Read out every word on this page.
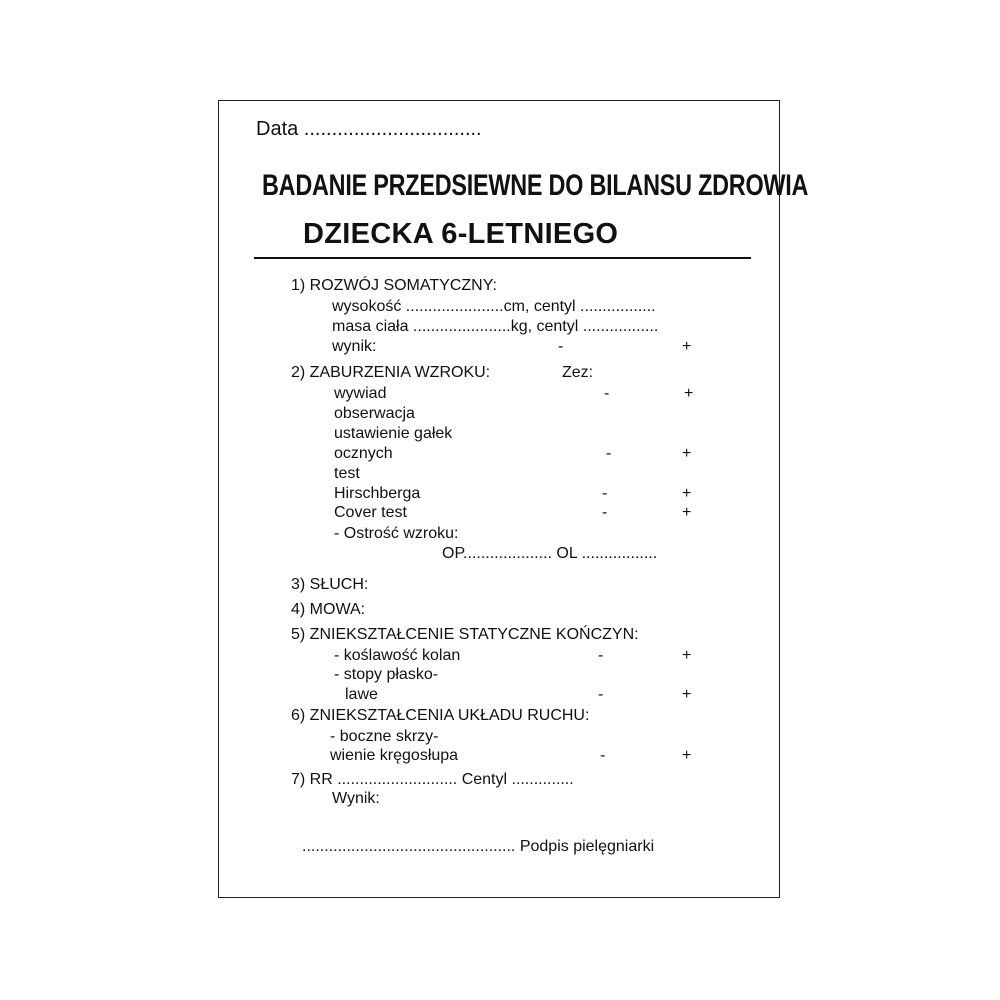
Data ................................
BADANIE PRZEDSIEWNE DO BILANSU ZDROWIA
DZIECKA 6-LETNIEGO
1) ROZWÓJ SOMATYCZNY:
wysokość ......................cm, centyl .................
masa ciała ......................kg, centyl .................
wynik:	-	+
2) ZABURZENIA WZROKU:	Zez:
wywiad	-	+
obserwacja
ustawienie gałek
ocznych	-	+
test
Hirschberga	-	+
Cover test	-	+
- Ostrość wzroku:
OP.................... OL .................
3) SŁUCH:
4) MOWA:
5) ZNIEKSZTAŁCENIE STATYCZNE KOŃCZYN:
- koślawość kolan	-	+
- stopy płasko-
lawe	-	+
6) ZNIEKSZTAŁCENIA UKŁADU RUCHU:
- boczne skrzy-
wienie kręgosłupa	-	+
7) RR ........................... Centyl ..............
Wynik:
................................................ Podpis pielęgniarki
